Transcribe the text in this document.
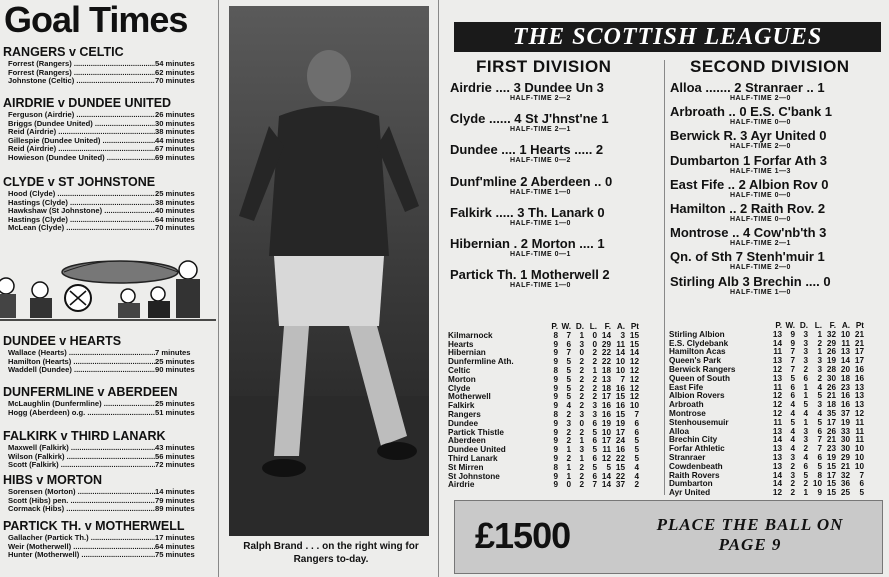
Goal Times
RANGERS v CELTIC
Forrest (Rangers) .....	54 minutes
Forrest (Rangers) .....	62 minutes
Johnstone (Celtic) .....	70 minutes
AIRDRIE v DUNDEE UNITED
Ferguson (Airdrie) .....	26 minutes
Briggs (Dundee United) .....	30 minutes
Reid (Airdrie) .....	38 minutes
Gillespie (Dundee United) .....	44 minutes
Reid (Airdrie) .....	67 minutes
Howieson (Dundee United) .....	69 minutes
CLYDE v ST JOHNSTONE
Hood (Clyde) .....	25 minutes
Hastings (Clyde) .....	38 minutes
Hawkshaw (St Johnstone) .....	40 minutes
Hastings (Clyde) .....	64 minutes
McLean (Clyde) .....	70 minutes
DUNDEE v HEARTS
Wallace (Hearts) .....	7 minutes
Hamilton (Hearts) .....	25 minutes
Waddell (Dundee) .....	90 minutes
DUNFERMLINE v ABERDEEN
McLaughlin (Dunfermline) .....	25 minutes
Hogg (Aberdeen) o.g. .....	51 minutes
FALKIRK v THIRD LANARK
Maxwell (Falkirk) .....	43 minutes
Wilson (Falkirk) .....	56 minutes
Scott (Falkirk) .....	72 minutes
HIBS v MORTON
Sorensen (Morton) .....	14 minutes
Scott (Hibs) pen. .....	79 minutes
Cormack (Hibs) .....	89 minutes
PARTICK TH. v MOTHERWELL
Gallacher (Partick Th.) .....	17 minutes
Weir (Motherwell) .....	64 minutes
Hunter (Motherwell) .....	75 minutes
Ralph Brand . . . on the right wing for Rangers to-day.
THE SCOTTISH LEAGUES
FIRST DIVISION	SECOND DIVISION
Airdrie .... 3 Dundee Un 3
HALF-TIME 2—2
Clyde ...... 4 St J'hnst'ne 1
HALF-TIME 2—1
Dundee .... 1 Hearts ..... 2
HALF-TIME 0—2
Dunf'mline 2 Aberdeen .. 0
HALF-TIME 1—0
Falkirk ..... 3 Th. Lanark 0
HALF-TIME 1—0
Hibernian . 2 Morton .... 1
HALF-TIME 0—1
Partick Th. 1 Motherwell 2
HALF-TIME 1—0
Alloa ....... 2 Stranraer .. 1
HALF-TIME 2—0
Arbroath .. 0 E.S. C'bank 1
HALF-TIME 0—0
Berwick R. 3 Ayr United 0
HALF-TIME 2—0
Dumbarton 1 Forfar Ath 3
HALF-TIME 1—3
East Fife .. 2 Albion Rov 0
HALF-TIME 0—0
Hamilton .. 2 Raith Rov. 2
HALF-TIME 0—0
Montrose .. 4 Cow'nb'th 3
HALF-TIME 2—1
Qn. of Sth 7 Stenh'muir 1
HALF-TIME 2—0
Stirling Alb 3 Brechin .... 0
HALF-TIME 1—0
P. W. D. L. F. A. Pt
Kilmarnock	8	7	1	0 14	3 15
Hearts	9	6	3	0 29 11 15
Hibernian	9	7	0	2 22 14 14
Dunfermline Ath.	9	5	2	2 22 10 12
Celtic	8	5	2	1 18 10 12
Morton	9	5	2	2 13	7 12
Clyde	9	5	2	2 18 16 12
Motherwell	9	5	2	2 17 15 12
Falkirk	9	4	2	3 16 16 10
Rangers	8	2	3	3 16 15	7
Dundee	9	3	0	6 19 19	6
Partick Thistle	9	2	2	5 10 17	6
Aberdeen	9	2	1	6 17 24	5
Dundee United	9	1	3	5 11 16	5
Third Lanark	9	2	1	6 12 22	5
St Mirren	8	1	2	5	5 15	4
St Johnstone	9	1	2	6 14 22	4
Airdrie	9	0	2	7 14 37	2
P. W. D. L. F. A. Pt
Stirling Albion	13	9	3	1 32 10 21
E.S. Clydebank	14	9	3	2 29 11 21
Hamilton Acas	11	7	3	1 26 13 17
Queen's Park	13	7	3	3 19 14 17
Berwick Rangers	12	7	2	3 28 20 16
Queen of South	13	5	6	2 30 18 16
East Fife	11	6	1	4 26 23 13
Albion Rovers	12	6	1	5 21 16 13
Arbroath	12	4	5	3 18 16 13
Montrose	12	4	4	4 35 37 12
Stenhousemuir	11	5	1	5 17 19 11
Alloa	13	4	3	6 26 33 11
Brechin City	14	4	3	7 21 30 11
Forfar Athletic	13	4	2	7 23 30 10
Stranraer	13	3	4	6 19 29 10
Cowdenbeath	13	2	6	5 15 21 10
Raith Rovers	14	3	5	8 17 32	7
Dumbarton	14	2	2 10 15 36	6
Ayr United	12	2	1	9 15 25	5
£1500	PLACE THE BALL ON PAGE 9
